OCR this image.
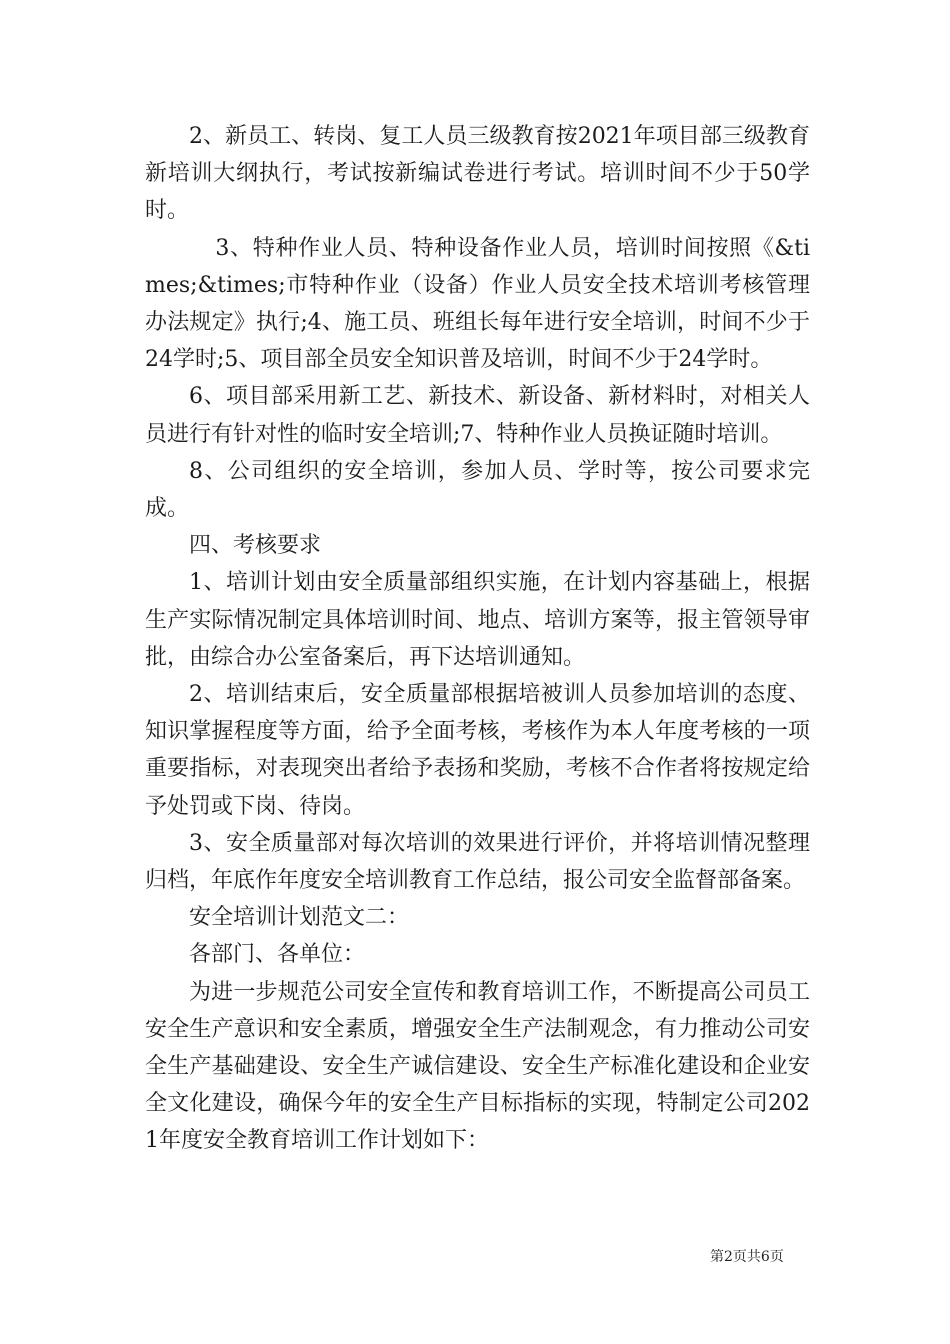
2、新员工、转岗、复工人员三级教育按2021年项目部三级教育新培训大纲执行，考试按新编试卷进行考试。培训时间不少于50学时。

3、特种作业人员、特种设备作业人员，培训时间按照《&times;&times;市特种作业（设备）作业人员安全技术培训考核管理办法规定》执行;4、施工员、班组长每年进行安全培训，时间不少于24学时;5、项目部全员安全知识普及培训，时间不少于24学时。

6、项目部采用新工艺、新技术、新设备、新材料时，对相关人员进行有针对性的临时安全培训;7、特种作业人员换证随时培训。

8、公司组织的安全培训，参加人员、学时等，按公司要求完成。

四、考核要求

1、培训计划由安全质量部组织实施，在计划内容基础上，根据生产实际情况制定具体培训时间、地点、培训方案等，报主管领导审批，由综合办公室备案后，再下达培训通知。

2、培训结束后，安全质量部根据培被训人员参加培训的态度、知识掌握程度等方面，给予全面考核，考核作为本人年度考核的一项重要指标，对表现突出者给予表扬和奖励，考核不合作者将按规定给予处罚或下岗、待岗。

3、安全质量部对每次培训的效果进行评价，并将培训情况整理归档，年底作年度安全培训教育工作总结，报公司安全监督部备案。

安全培训计划范文二：

各部门、各单位：

为进一步规范公司安全宣传和教育培训工作，不断提高公司员工安全生产意识和安全素质，增强安全生产法制观念，有力推动公司安全生产基础建设、安全生产诚信建设、安全生产标准化建设和企业安全文化建设，确保今年的安全生产目标指标的实现，特制定公司2021年度安全教育培训工作计划如下：

第2页共6页
